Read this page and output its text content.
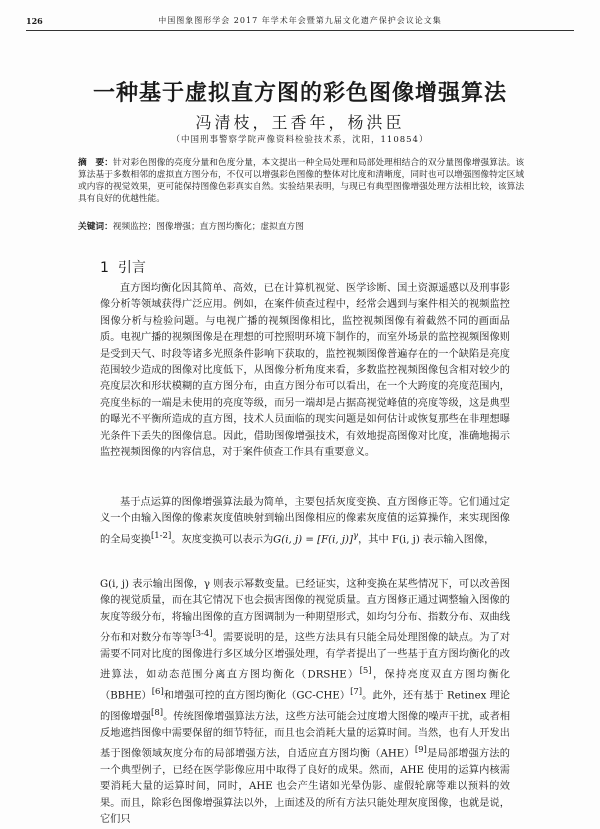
126	中国图象图形学会 2017 年学术年会暨第九届文化遗产保护会议论文集
一种基于虚拟直方图的彩色图像增强算法
冯清枝，王香年，杨洪臣
（中国刑事警察学院声像资料检验技术系，沈阳，110854）
摘　要：针对彩色图像的亮度分量和色度分量，本文提出一种全局处理和局部处理相结合的双分量图像增强算法。该算法基于多数相邻的虚拟直方图分布，不仅可以增强彩色图像的整体对比度和清晰度，同时也可以增强图像特定区域或内容的视觉效果，更可能保持图像色彩真实自然。实验结果表明，与现已有典型图像增强处理方法相比较，该算法具有良好的优越性能。
关键词：视频监控；图像增强；直方图均衡化；虚拟直方图
1 引言

直方图均衡化因其简单、高效，已在计算机视觉、医学诊断、国土资源遥感以及刑事影像分析等领域获得广泛应用。例如，在案件侦查过程中，经常会遇到与案件相关的视频监控图像分析与检验问题。与电视广播的视频图像相比，监控视频图像有着截然不同的画面品质。电视广播的视频图像是在理想的可控照明环境下制作的，而室外场景的监控视频图像则是受到天气、时段等诸多光照条件影响下获取的，监控视频图像普遍存在的一个缺陷是亮度范围较少造成的图像对比度低下，从图像分析角度来看，多数监控视频图像包含相对较少的亮度层次和形状模糊的直方图分布，由直方图分布可以看出，在一个大跨度的亮度范围内，亮度坐标的一端是未使用的亮度等级，而另一端却是占据高视觉峰值的亮度等级，这是典型的曝光不平衡所造成的直方图，技术人员面临的现实问题是如何估计或恢复那些在非理想曝光条件下丢失的图像信息。因此，借助图像增强技术，有效地提高图像对比度，准确地揭示监控视频图像的内容信息，对于案件侦查工作具有重要意义。

基于点运算的图像增强算法最为简单，主要包括灰度变换、直方图修正等。它们通过定义一个由输入图像的像素灰度值映射到输出图像相应的像素灰度值的运算操作，来实现图像的全局变换[1-2]。灰度变换可以表示为G(i, j) = [F(i, j)]$^\gamma$，其中 F(i, j) 表示输入图像，

G(i, j) 表示输出图像，γ 则表示幂数变量。已经证实，这种变换在某些情况下，可以改善图像的视觉质量，而在其它情况下也会损害图像的视觉质量。直方图修正通过调整输入图像的灰度等级分布，将输出图像的直方图调制为一种期望形式，如均匀分布、指数分布、双曲线分布和对数分布等等[3-4]。需要说明的是，这些方法具有只能全局处理图像的缺点。为了对需要不同对比度的图像进行多区域分区增强处理，有学者提出了一些基于直方图均衡化的改进算法，如动态范围分离直方图均衡化（DRSHE）[5]，保持亮度双直方图均衡化（BBHE）[6]和增强可控的直方图均衡化（GC-CHE）[7]。此外，还有基于 Retinex 理论的图像增强[8]。传统图像增强算法方法，这些方法可能会过度增大图像的噪声干扰，或者相反地遮挡图像中需要保留的细节特征，而且也会消耗大量的运算时间。当然，也有人开发出基于图像领域灰度分布的局部增强方法，自适应直方图均衡（AHE）[9]是局部增强方法的一个典型例子，已经在医学影像应用中取得了良好的成果。然而，AHE 使用的运算内核需要消耗大量的运算时间，同时，AHE 也会产生诸如光晕伪影、虚假轮廓等难以预料的效果。而且，除彩色图像增强算法以外，上面述及的所有方法只能处理灰度图像，也就是说，它们只
